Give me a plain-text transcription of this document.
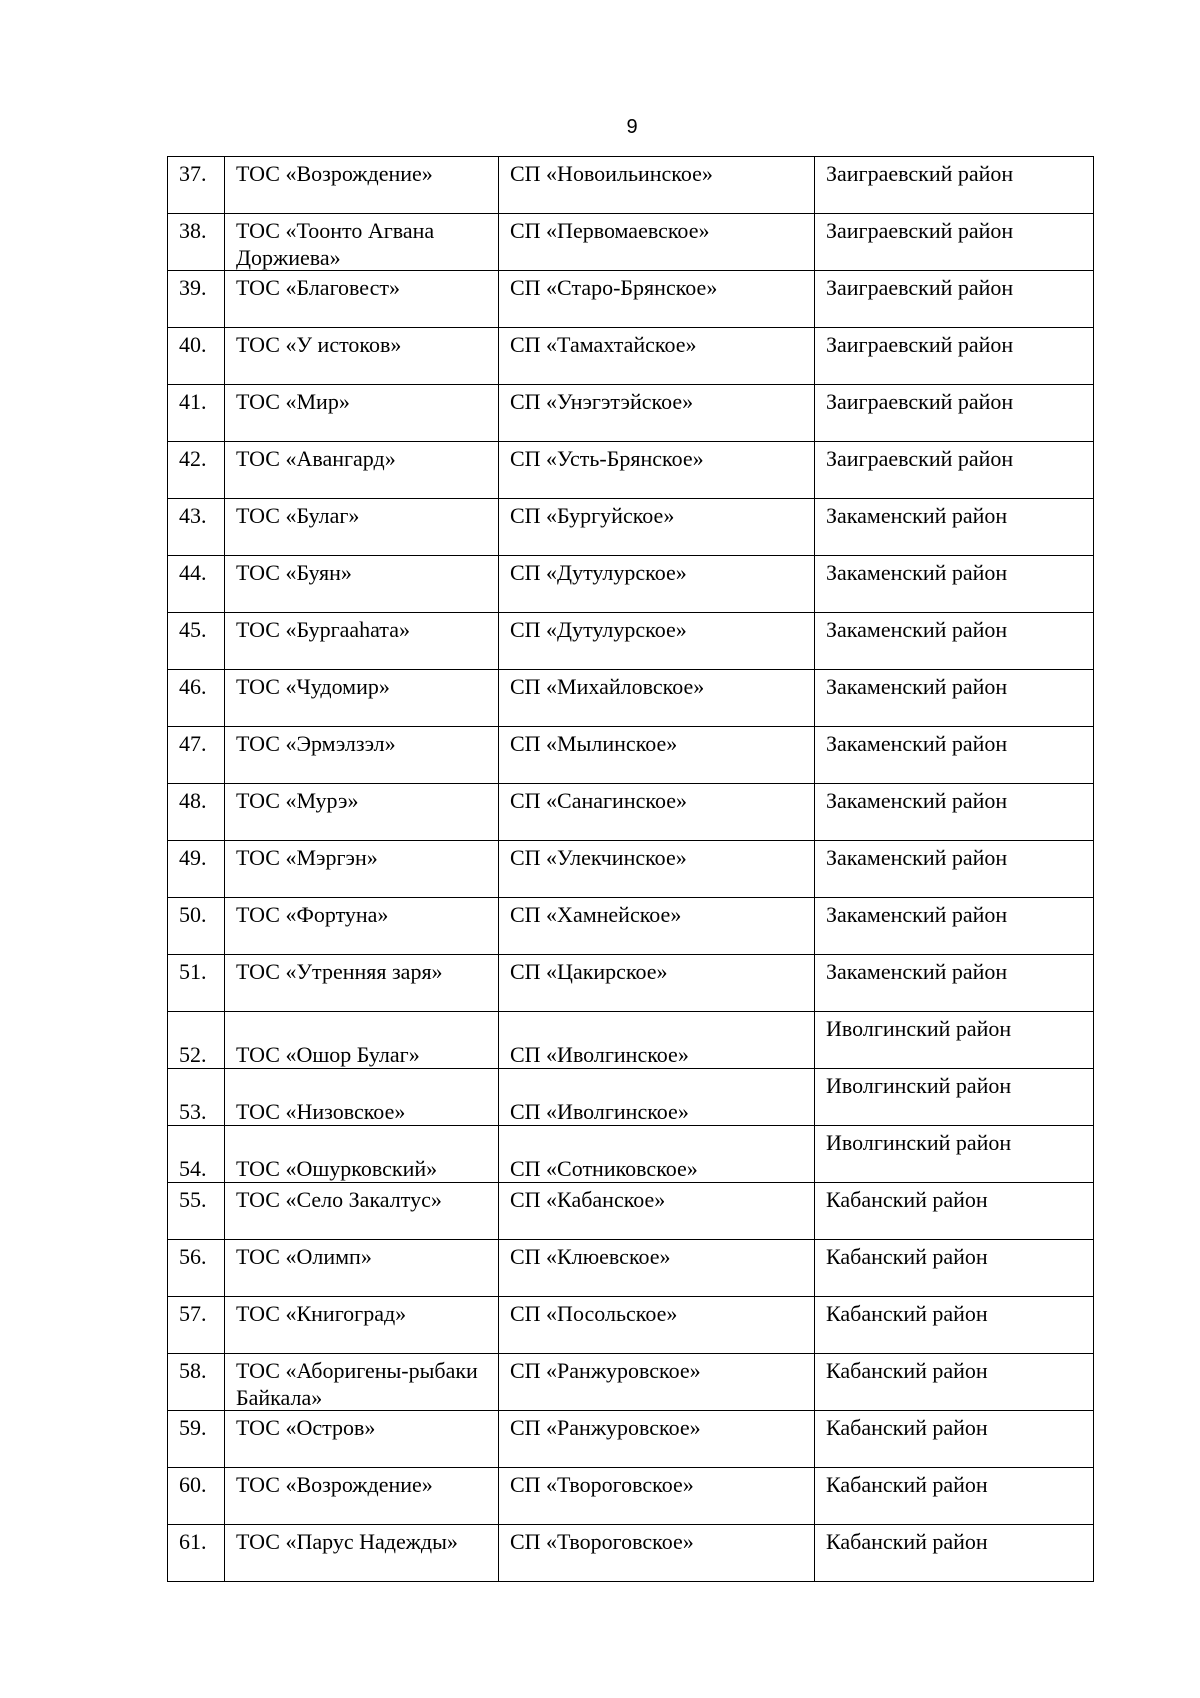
9
37.	ТОС «Возрождение»	СП «Новоильинское»	Заиграевский район

38.	ТОС «Тоонто Агвана Доржиева»	СП «Первомаевское»	Заиграевский район

39.	ТОС «Благовест»	СП «Старо-Брянское»	Заиграевский район

40.	ТОС «У истоков»	СП «Тамахтайское»	Заиграевский район

41.	ТОС «Мир»	СП «Унэгэтэйское»	Заиграевский район

42.	ТОС «Авангард»	СП «Усть-Брянское»	Заиграевский район

43.	ТОС «Булаг»	СП «Бургуйское»	Закаменский район

44.	ТОС «Буян»	СП «Дутулурское»	Закаменский район

45.	ТОС «Бургааhата»	СП «Дутулурское»	Закаменский район

46.	ТОС «Чудомир»	СП «Михайловское»	Закаменский район

47.	ТОС «Эрмэлзэл»	СП «Мылинское»	Закаменский район

48.	ТОС «Мурэ»	СП «Санагинское»	Закаменский район

49.	ТОС «Мэргэн»	СП «Улекчинское»	Закаменский район

50.	ТОС «Фортуна»	СП «Хамнейское»	Закаменский район

51.	ТОС «Утренняя заря»	СП «Цакирское»	Закаменский район

52.	ТОС «Ошор Булаг»	СП «Иволгинское»	Иволгинский район

53.	ТОС «Низовское»	СП «Иволгинское»	Иволгинский район

54.	ТОС «Ошурковский»	СП «Сотниковское»	Иволгинский район

55.	ТОС «Село Закалтус»	СП «Кабанское»	Кабанский район

56.	ТОС «Олимп»	СП «Клюевское»	Кабанский район

57.	ТОС «Книгоград»	СП «Посольское»	Кабанский район

58.	ТОС «Аборигены-рыбаки Байкала»	СП «Ранжуровское»	Кабанский район

59.	ТОС «Остров»	СП «Ранжуровское»	Кабанский район

60.	ТОС «Возрождение»	СП «Твороговское»	Кабанский район

61.	ТОС «Парус Надежды»	СП «Твороговское»	Кабанский район
